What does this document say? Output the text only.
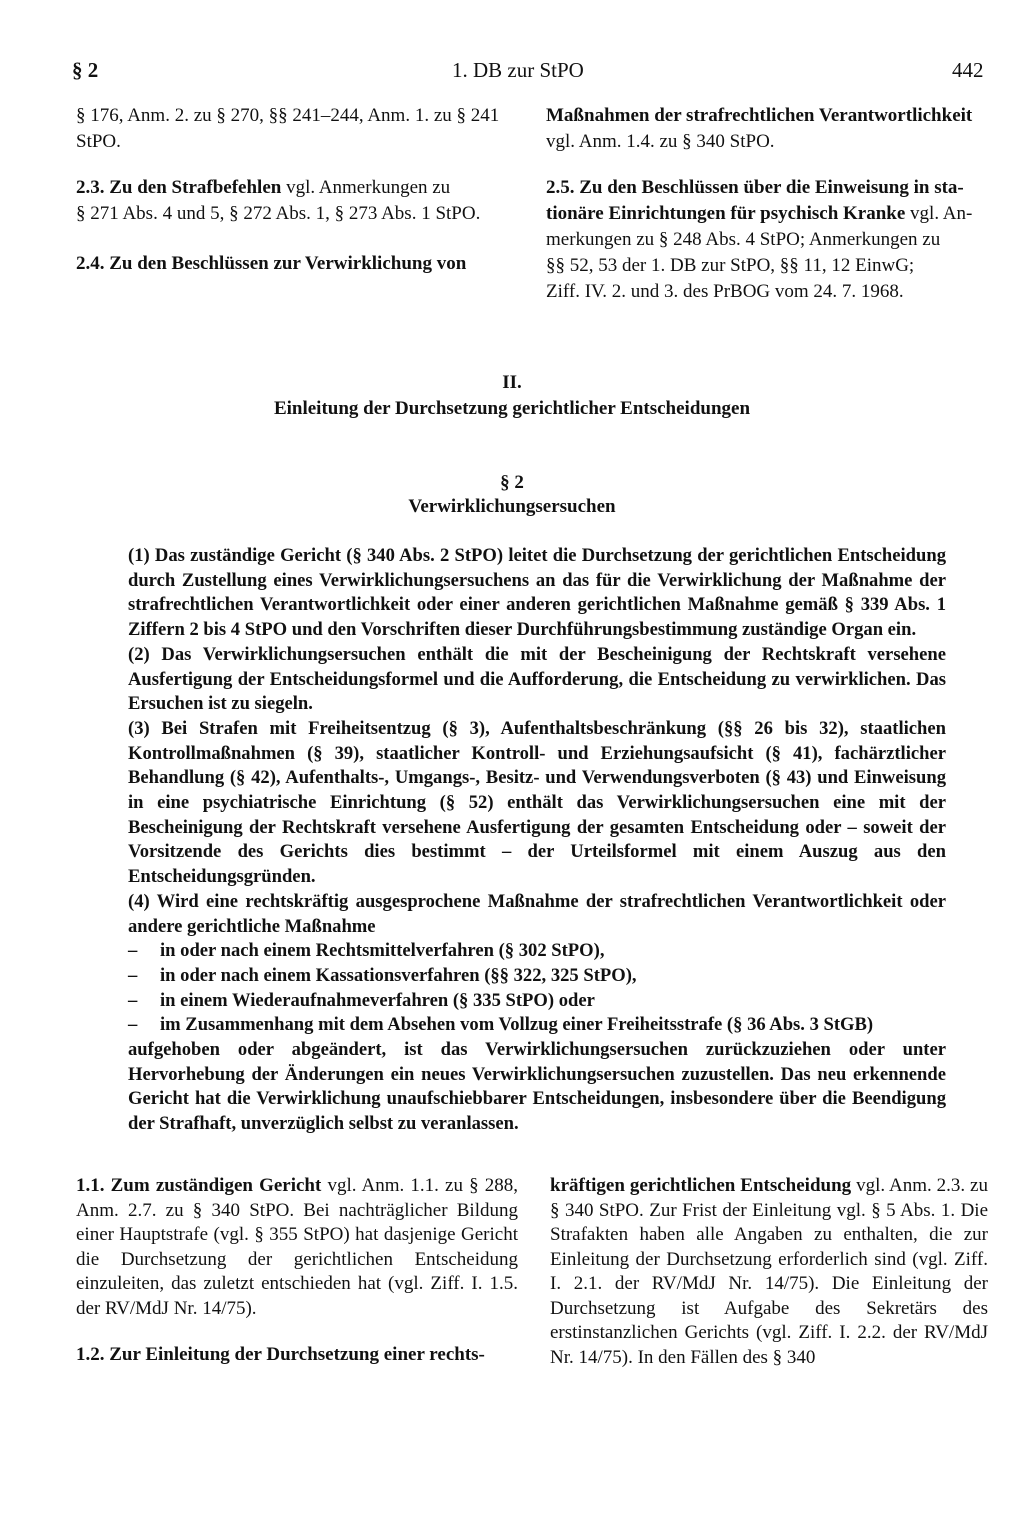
§ 2	1. DB zur StPO	442
§ 176, Anm. 2. zu § 270, §§ 241–244, Anm. 1. zu § 241
StPO.
2.3. Zu den Strafbefehlen vgl. Anmerkungen zu
§ 271 Abs. 4 und 5, § 272 Abs. 1, § 273 Abs. 1 StPO.
2.4. Zu den Beschlüssen zur Verwirklichung von
Maßnahmen der strafrechtlichen Verantwortlichkeit
vgl. Anm. 1.4. zu § 340 StPO.
2.5. Zu den Beschlüssen über die Einweisung in sta-
tionäre Einrichtungen für psychisch Kranke vgl. An-
merkungen zu § 248 Abs. 4 StPO; Anmerkungen zu
§§ 52, 53 der 1. DB zur StPO, §§ 11, 12 EinwG;
Ziff. IV. 2. und 3. des PrBOG vom 24. 7. 1968.
II.
Einleitung der Durchsetzung gerichtlicher Entscheidungen
§ 2
Verwirklichungsersuchen

(1) Das zuständige Gericht (§ 340 Abs. 2 StPO) leitet die Durchsetzung der gerichtlichen Entscheidung durch Zustellung eines Verwirklichungsersuchens an das für die Verwirklichung der Maßnahme der strafrechtlichen Verantwortlichkeit oder einer anderen gerichtlichen Maßnahme gemäß § 339 Abs. 1 Ziffern 2 bis 4 StPO und den Vorschriften dieser Durchführungsbestimmung zuständige Organ ein.

(2) Das Verwirklichungsersuchen enthält die mit der Bescheinigung der Rechtskraft versehene Ausfertigung der Entscheidungsformel und die Aufforderung, die Entscheidung zu verwirklichen. Das Ersuchen ist zu siegeln.

(3) Bei Strafen mit Freiheitsentzug (§ 3), Aufenthaltsbeschränkung (§§ 26 bis 32), staatlichen Kontrollmaßnahmen (§ 39), staatlicher Kontroll- und Erziehungsaufsicht (§ 41), fachärztlicher Behandlung (§ 42), Aufenthalts-, Umgangs-, Besitz- und Verwendungsverboten (§ 43) und Einweisung in eine psychiatrische Einrichtung (§ 52) enthält das Verwirklichungsersuchen eine mit der Bescheinigung der Rechtskraft versehene Ausfertigung der gesamten Entscheidung oder – soweit der Vorsitzende des Gerichts dies bestimmt – der Urteilsformel mit einem Auszug aus den Entscheidungsgründen.

(4) Wird eine rechtskräftig ausgesprochene Maßnahme der strafrechtlichen Verantwortlichkeit oder andere gerichtliche Maßnahme

– in oder nach einem Rechtsmittelverfahren (§ 302 StPO),
– in oder nach einem Kassationsverfahren (§§ 322, 325 StPO),
– in einem Wiederaufnahmeverfahren (§ 335 StPO) oder
– im Zusammenhang mit dem Absehen vom Vollzug einer Freiheitsstrafe (§ 36 Abs. 3 StGB)

aufgehoben oder abgeändert, ist das Verwirklichungsersuchen zurückzuziehen oder unter Hervorhebung der Änderungen ein neues Verwirklichungsersuchen zuzustellen. Das neu erkennende Gericht hat die Verwirklichung unaufschiebbarer Entscheidungen, insbesondere über die Beendigung der Strafhaft, unverzüglich selbst zu veranlassen.

1.1. Zum zuständigen Gericht vgl. Anm. 1.1. zu § 288, Anm. 2.7. zu § 340 StPO. Bei nachträglicher Bildung einer Hauptstrafe (vgl. § 355 StPO) hat dasjenige Gericht die Durchsetzung der gerichtlichen Entscheidung einzuleiten, das zuletzt entschieden hat (vgl. Ziff. I. 1.5. der RV/MdJ Nr. 14/75).

1.2. Zur Einleitung der Durchsetzung einer rechts-

kräftigen gerichtlichen Entscheidung vgl. Anm. 2.3. zu § 340 StPO. Zur Frist der Einleitung vgl. § 5 Abs. 1. Die Strafakten haben alle Angaben zu enthalten, die zur Einleitung der Durchsetzung erforderlich sind (vgl. Ziff. I. 2.1. der RV/MdJ Nr. 14/75). Die Einleitung der Durchsetzung ist Aufgabe des Sekretärs des erstinstanzlichen Gerichts (vgl. Ziff. I. 2.2. der RV/MdJ Nr. 14/75). In den Fällen des § 340
